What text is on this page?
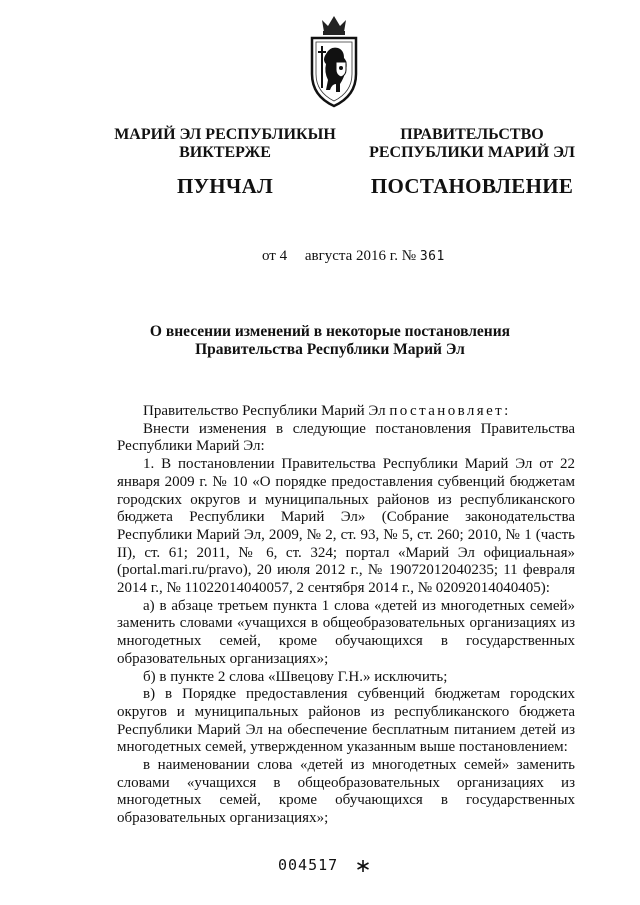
МАРИЙ ЭЛ РЕСПУБЛИКЫН
ВИКТЕРЖЕ
ПУНЧАЛ
ПРАВИТЕЛЬСТВО
РЕСПУБЛИКИ МАРИЙ ЭЛ
ПОСТАНОВЛЕНИЕ
от 4 августа 2016 г. № 361
О внесении изменений в некоторые постановления
Правительства Республики Марий Эл

Правительство Республики Марий Эл постановляет:

Внести изменения в следующие постановления Правительства Республики Марий Эл:

1. В постановлении Правительства Республики Марий Эл от 22 января 2009 г. № 10 «О порядке предоставления субвенций бюджетам городских округов и муниципальных районов из республиканского бюджета Республики Марий Эл» (Собрание законодательства Республики Марий Эл, 2009, № 2, ст. 93, № 5, ст. 260; 2010, № 1 (часть II), ст. 61; 2011, № 6, ст. 324; портал «Марий Эл официальная» (portal.mari.ru/pravo), 20 июля 2012 г., № 19072012040235; 11 февраля 2014 г., № 11022014040057, 2 сентября 2014 г., № 02092014040405):

а) в абзаце третьем пункта 1 слова «детей из многодетных семей» заменить словами «учащихся в общеобразовательных организациях из многодетных семей, кроме обучающихся в государственных образовательных организациях»;

б) в пункте 2 слова «Швецову Г.Н.» исключить;

в) в Порядке предоставления субвенций бюджетам городских округов и муниципальных районов из республиканского бюджета Республики Марий Эл на обеспечение бесплатным питанием детей из многодетных семей, утвержденном указанным выше постановлением:

в наименовании слова «детей из многодетных семей» заменить словами «учащихся в общеобразовательных организациях из многодетных семей, кроме обучающихся в государственных образовательных организациях»;

004517
